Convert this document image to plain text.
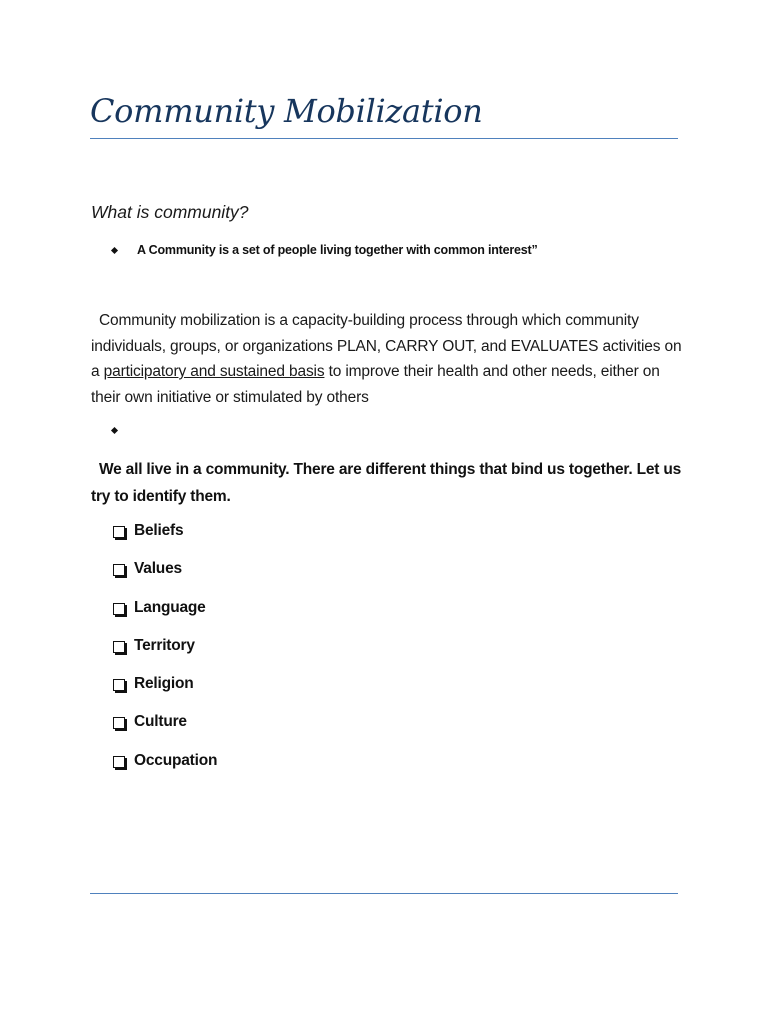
Community Mobilization
What is community?
A Community is a set of people living together with common interest”

Community mobilization is a capacity-building process through which community individuals, groups, or organizations PLAN, CARRY OUT, and EVALUATES activities on a participatory and sustained basis to improve their health and other needs, either on their own initiative or stimulated by others

We all live in a community. There are different things that bind us together. Let us try to identify them.

Beliefs
Values
Language
Territory
Religion
Culture
Occupation
